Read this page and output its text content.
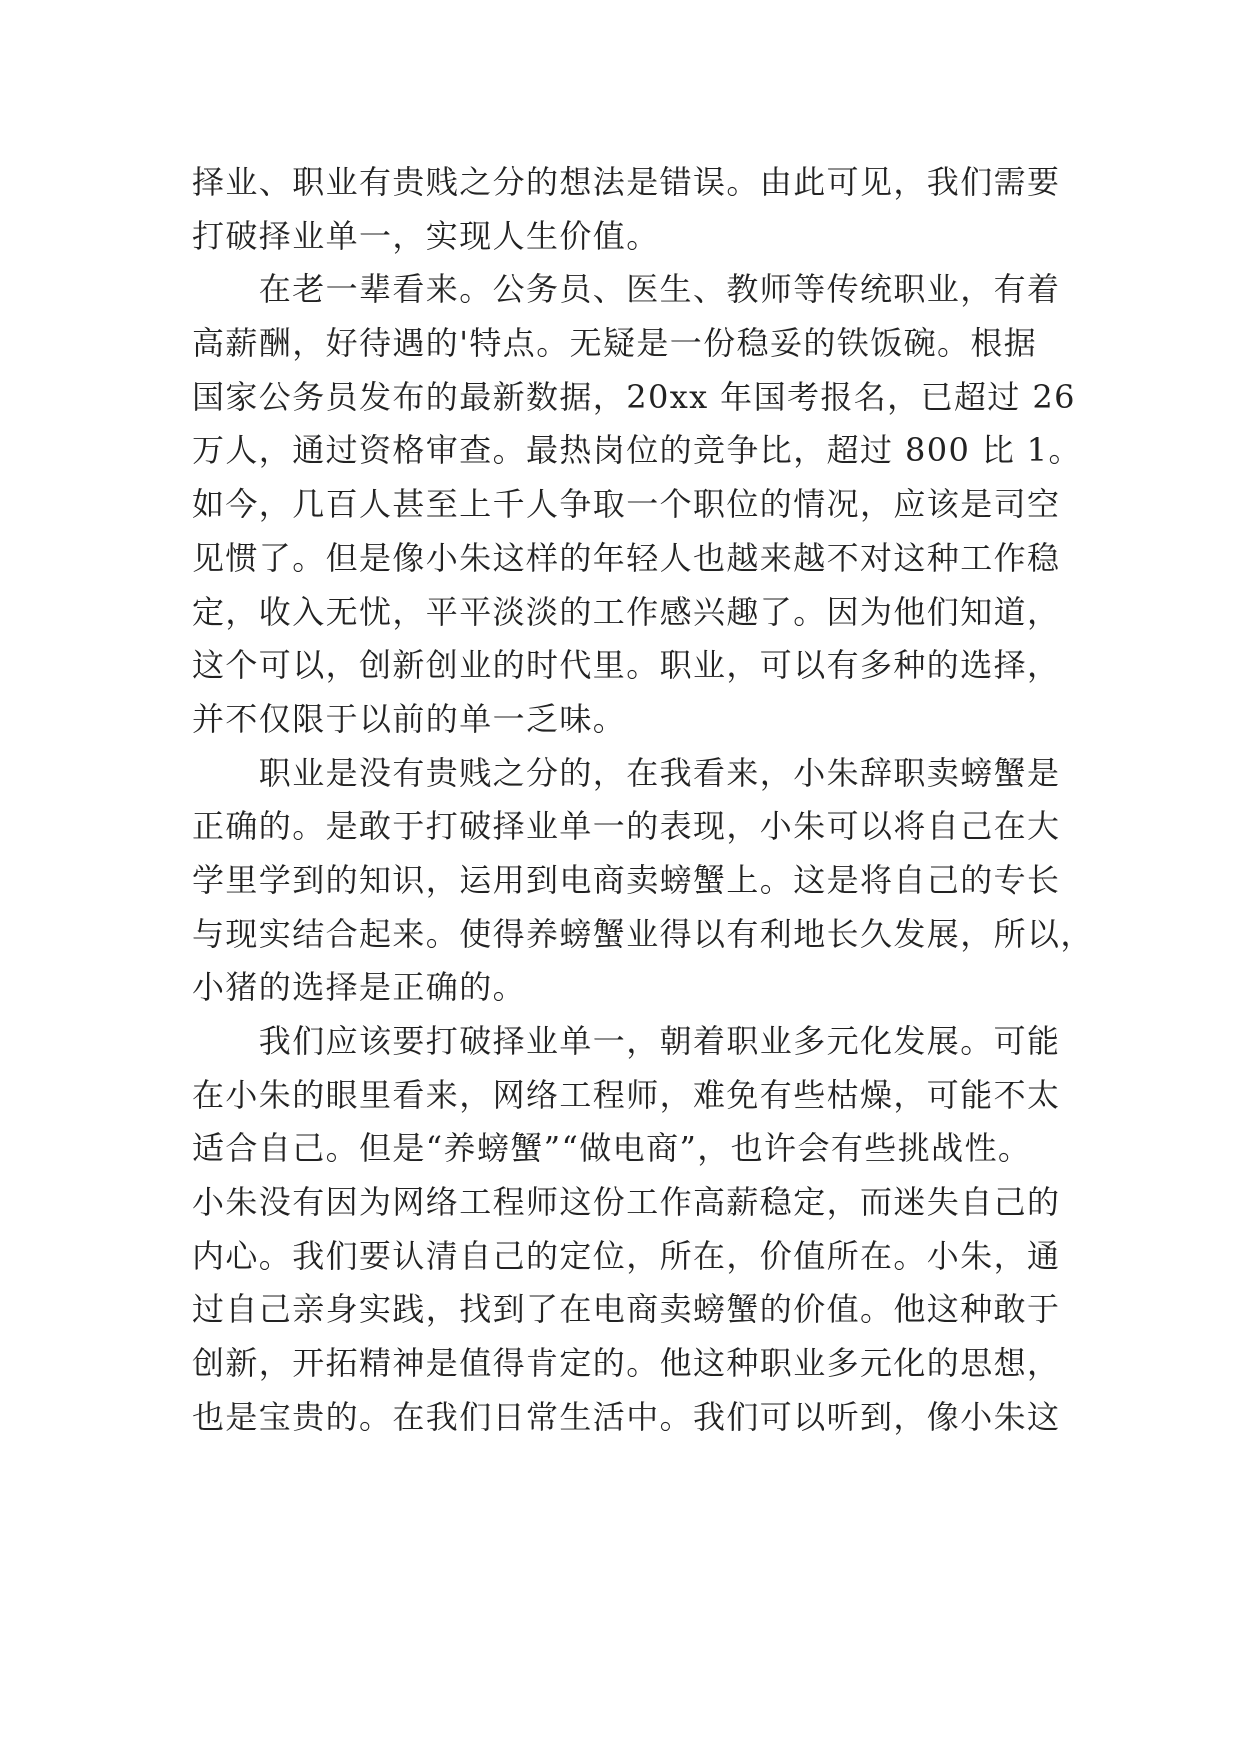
择业、职业有贵贱之分的想法是错误。由此可见，我们需要
打破择业单一，实现人生价值。
　　在老一辈看来。公务员、医生、教师等传统职业，有着
高薪酬，好待遇的'特点。无疑是一份稳妥的铁饭碗。根据
国家公务员发布的最新数据，20xx 年国考报名，已超过 26
万人，通过资格审查。最热岗位的竞争比，超过 800 比 1。
如今，几百人甚至上千人争取一个职位的情况，应该是司空
见惯了。但是像小朱这样的年轻人也越来越不对这种工作稳
定，收入无忧，平平淡淡的工作感兴趣了。因为他们知道，
这个可以，创新创业的时代里。职业，可以有多种的选择，
并不仅限于以前的单一乏味。
　　职业是没有贵贱之分的，在我看来，小朱辞职卖螃蟹是
正确的。是敢于打破择业单一的表现，小朱可以将自己在大
学里学到的知识，运用到电商卖螃蟹上。这是将自己的专长
与现实结合起来。使得养螃蟹业得以有利地长久发展，所以，
小猪的选择是正确的。
　　我们应该要打破择业单一，朝着职业多元化发展。可能
在小朱的眼里看来，网络工程师，难免有些枯燥，可能不太
适合自己。但是“养螃蟹”“做电商”，也许会有些挑战性。
小朱没有因为网络工程师这份工作高薪稳定，而迷失自己的
内心。我们要认清自己的定位，所在，价值所在。小朱，通
过自己亲身实践，找到了在电商卖螃蟹的价值。他这种敢于
创新，开拓精神是值得肯定的。他这种职业多元化的思想，
也是宝贵的。在我们日常生活中。我们可以听到，像小朱这
